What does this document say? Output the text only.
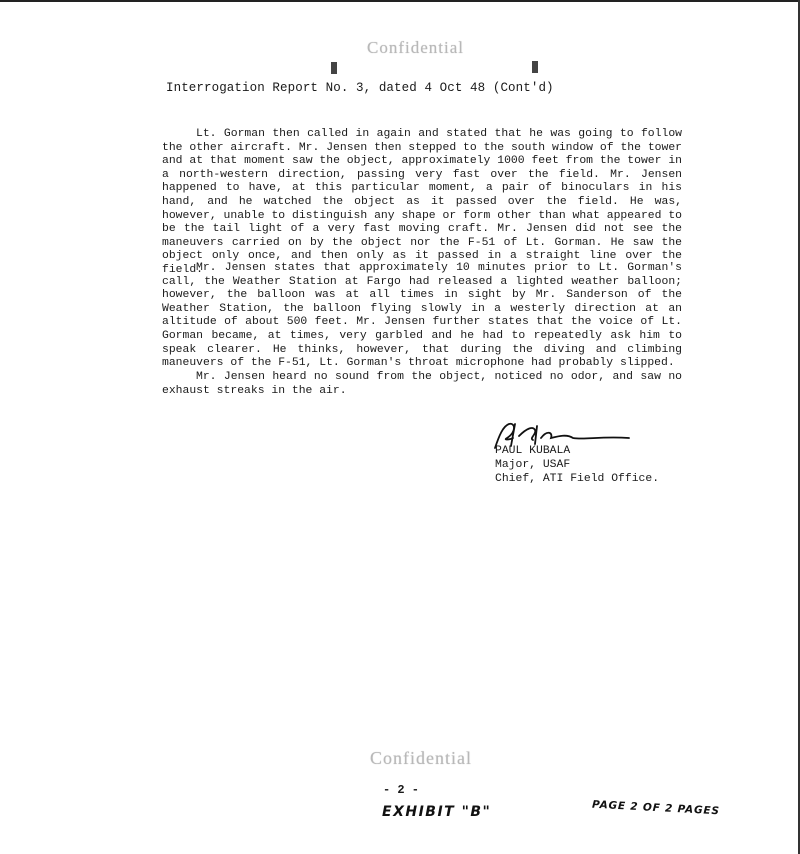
Confidential
Interrogation Report No. 3, dated 4 Oct 48 (Cont'd)

Lt. Gorman then called in again and stated that he was going to follow the other aircraft. Mr. Jensen then stepped to the south window of the tower and at that moment saw the object, approximately 1000 feet from the tower in a north-western direction, passing very fast over the field. Mr. Jensen happened to have, at this particular moment, a pair of binoculars in his hand, and he watched the object as it passed over the field. He was, however, unable to distinguish any shape or form other than what appeared to be the tail light of a very fast moving craft. Mr. Jensen did not see the maneuvers carried on by the object nor the F-51 of Lt. Gorman. He saw the object only once, and then only as it passed in a straight line over the field.

Mr. Jensen states that approximately 10 minutes prior to Lt. Gorman's call, the Weather Station at Fargo had released a lighted weather balloon; however, the balloon was at all times in sight by Mr. Sanderson of the Weather Station, the balloon flying slowly in a westerly direction at an altitude of about 500 feet. Mr. Jensen further states that the voice of Lt. Gorman became, at times, very garbled and he had to repeatedly ask him to speak clearer. He thinks, however, that during the diving and climbing maneuvers of the F-51, Lt. Gorman's throat microphone had probably slipped.

Mr. Jensen heard no sound from the object, noticed no odor, and saw no exhaust streaks in the air.

PAUL KUBALA
Major, USAF
Chief, ATI Field Office.
Confidential
- 2 -
EXHIBIT "B"	PAGE 2 OF 2 PAGES
